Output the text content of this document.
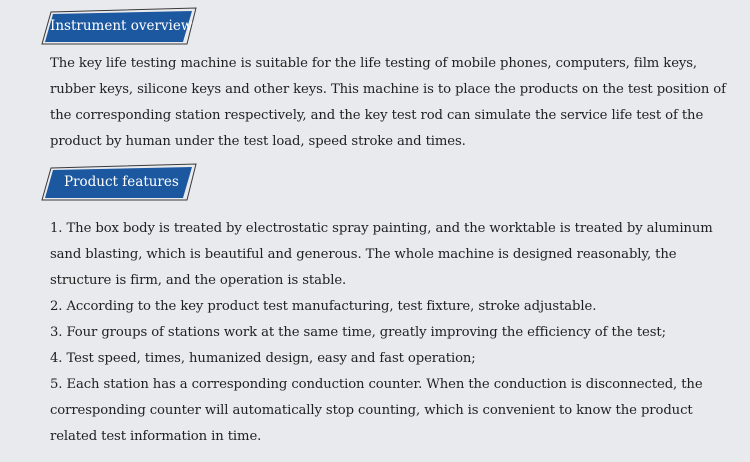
Instrument overview

The key life testing machine is suitable for the life testing of mobile phones, computers, film keys, rubber keys, silicone keys and other keys. This machine is to place the products on the test position of the corresponding station respectively, and the key test rod can simulate the service life test of the product by human under the test load, speed stroke and times.

Product features
1. The box body is treated by electrostatic spray painting, and the worktable is treated by aluminum sand blasting, which is beautiful and generous. The whole machine is designed reasonably, the structure is firm, and the operation is stable.
2. According to the key product test manufacturing, test fixture, stroke adjustable.
3. Four groups of stations work at the same time, greatly improving the efficiency of the test;
4. Test speed, times, humanized design, easy and fast operation;
5. Each station has a corresponding conduction counter. When the conduction is disconnected, the corresponding counter will automatically stop counting, which is convenient to know the product related test information in time.
